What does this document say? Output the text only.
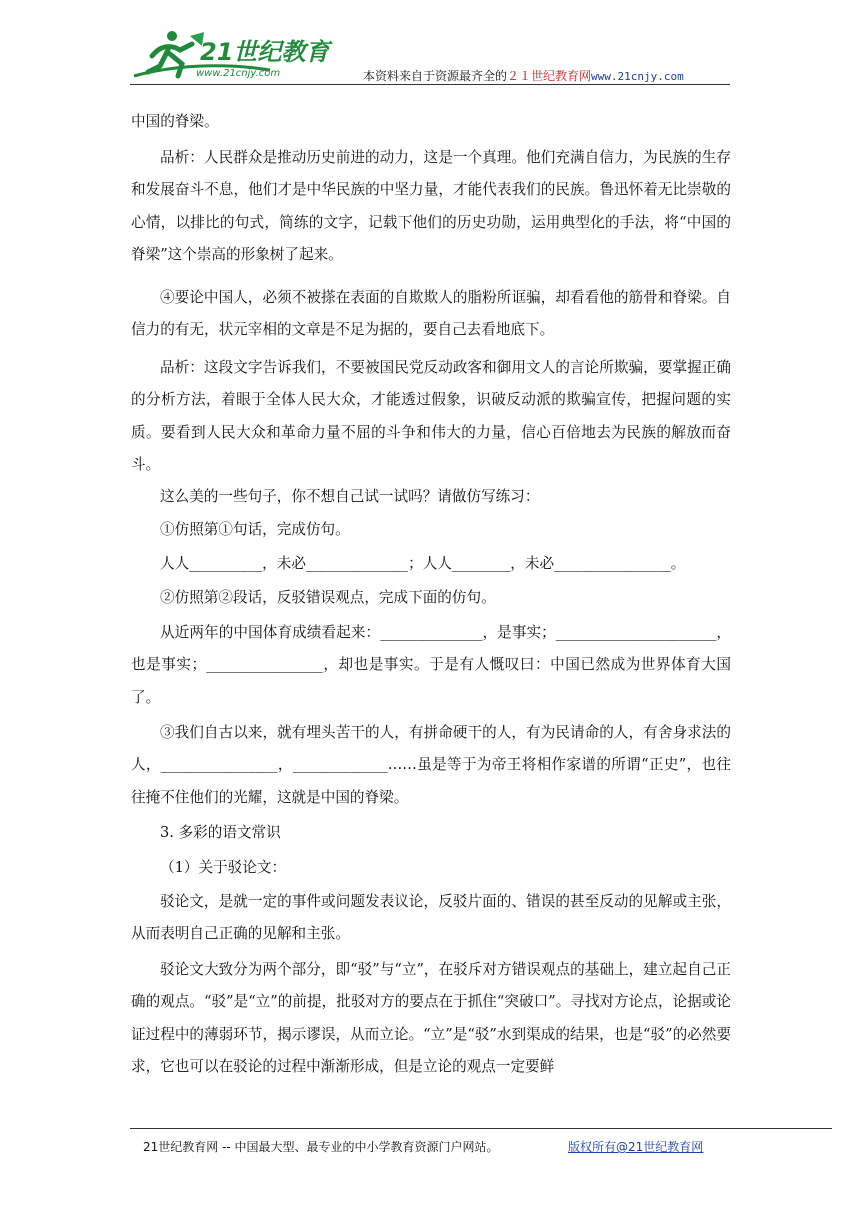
21世纪教育
www.21cnjy.com	本资料来自于资源最齐全的２１世纪教育网www.21cnjy.com
中国的脊梁。
品析：人民群众是推动历史前进的动力，这是一个真理。他们充满自信力，为民族的生存和发展奋斗不息，他们才是中华民族的中坚力量，才能代表我们的民族。鲁迅怀着无比崇敬的心情，以排比的句式，简练的文字，记载下他们的历史功勋，运用典型化的手法，将“中国的脊梁”这个崇高的形象树了起来。
④要论中国人，必须不被搽在表面的自欺欺人的脂粉所诓骗，却看看他的筋骨和脊梁。自信力的有无，状元宰相的文章是不足为据的，要自己去看地底下。
品析：这段文字告诉我们，不要被国民党反动政客和御用文人的言论所欺骗，要掌握正确的分析方法，着眼于全体人民大众，才能透过假象，识破反动派的欺骗宣传，把握问题的实质。要看到人民大众和革命力量不屈的斗争和伟大的力量，信心百倍地去为民族的解放而奋斗。
这么美的一些句子，你不想自己试一试吗？请做仿写练习：
①仿照第①句话，完成仿句。
人人__________，未必______________；人人________，未必________________。
②仿照第②段话，反驳错误观点，完成下面的仿句。
从近两年的中国体育成绩看起来：______________，是事实；______________________，也是事实；________________，却也是事实。于是有人慨叹曰：中国已然成为世界体育大国了。
③我们自古以来，就有埋头苦干的人，有拼命硬干的人，有为民请命的人，有舍身求法的人，________________，_____________……虽是等于为帝王将相作家谱的所谓“正史”，也往往掩不住他们的光耀，这就是中国的脊梁。
3. 多彩的语文常识
（1）关于驳论文：
驳论文，是就一定的事件或问题发表议论，反驳片面的、错误的甚至反动的见解或主张，从而表明自己正确的见解和主张。
驳论文大致分为两个部分，即“驳”与“立”，在驳斥对方错误观点的基础上，建立起自己正确的观点。“驳”是“立”的前提，批驳对方的要点在于抓住“突破口”。寻找对方论点，论据或论证过程中的薄弱环节，揭示谬误，从而立论。“立”是“驳”水到渠成的结果，也是“驳”的必然要求，它也可以在驳论的过程中渐渐形成，但是立论的观点一定要鲜
21世纪教育网 -- 中国最大型、最专业的中小学教育资源门户网站。	版权所有@21世纪教育网
